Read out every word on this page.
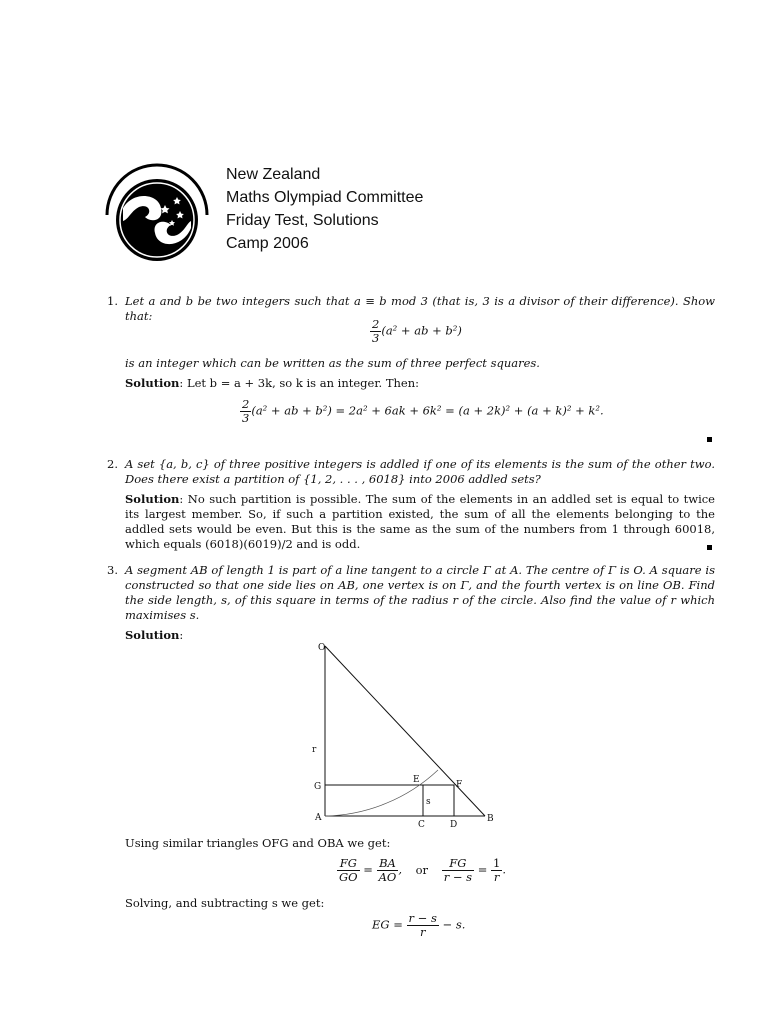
New Zealand
Maths Olympiad Committee
Friday Test, Solutions
Camp 2006
1. Let a and b be two integers such that a ≡ b mod 3 (that is, 3 is a divisor of their difference). Show that:
$\frac{2}{3} (a^2$ + ab + b²)
is an integer which can be written as the sum of three perfect squares.
Solution: Let b = a + 3k, so k is an integer. Then:
$\frac{2}{3} (a^2$ + ab + b²) = 2a² + 6ak + 6k² = (a + 2k)² + (a + k)² + k².
2. A set {a, b, c} of three positive integers is addled if one of its elements is the sum of the other two. Does there exist a partition of {1, 2, . . . , 6018} into 2006 addled sets?
Solution: No such partition is possible. The sum of the elements in an addled set is equal to twice its largest member. So, if such a partition existed, the sum of all the elements belonging to the addled sets would be even. But this is the same as the sum of the numbers from 1 through 60018, which equals (6018)(6019)/2 and is odd.
3. A segment AB of length 1 is part of a line tangent to a circle Γ at A. The centre of Γ is O. A square is constructed so that one side lies on AB, one vertex is on Γ, and the fourth vertex is on line OB. Find the side length, s, of this square in terms of the radius r of the circle. Also find the value of r which maximises s.
Solution:
O
r
G
E	F
s
A
C	D
B
Using similar triangles OFG and OBA we get:
$\frac{FG}{GO} = \frac{BA}{AO}$ , or $\frac{FG}{r - s} = \frac{1}{r}$ .
Solving, and subtracting s we get:
EG = $\frac{r - s}{r} - s$.
